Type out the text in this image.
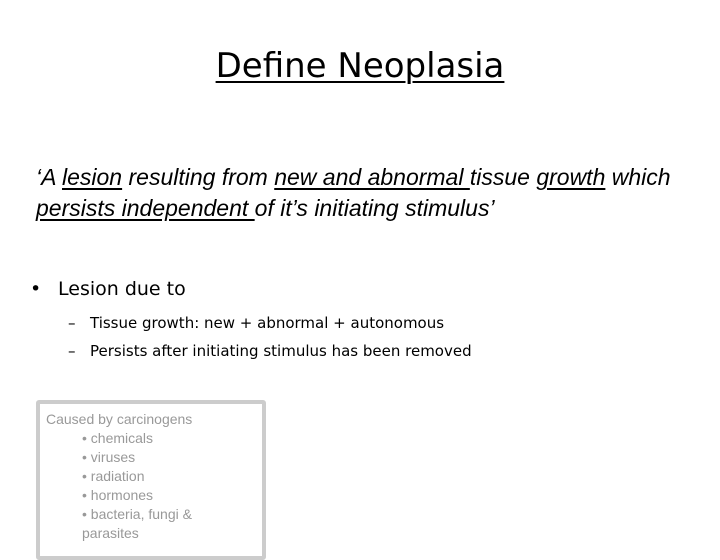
Define Neoplasia
‘A lesion resulting from new and abnormal tissue growth which persists independent of it’s initiating stimulus’
• Lesion due to
– Tissue growth: new + abnormal + autonomous
– Persists after initiating stimulus has been removed
Caused by carcinogens
• chemicals
• viruses
• radiation
• hormones
• bacteria, fungi & parasites
